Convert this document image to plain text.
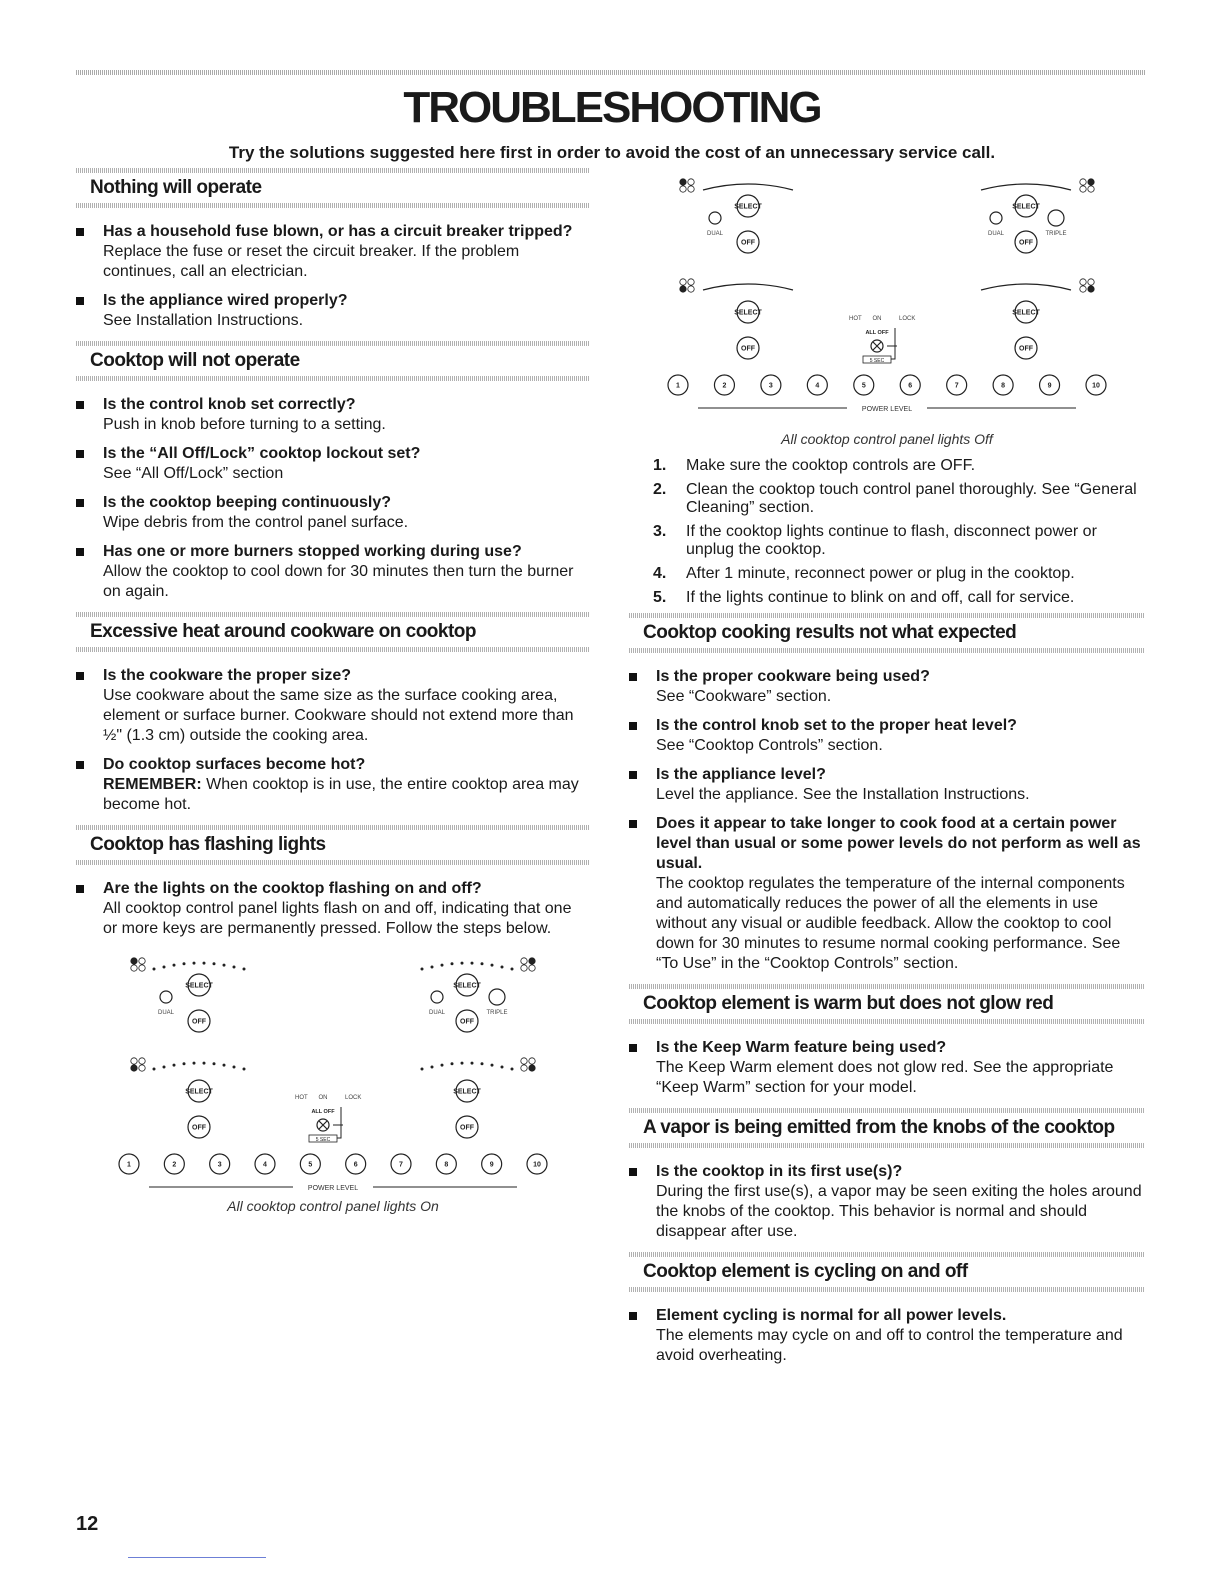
TROUBLESHOOTING
Try the solutions suggested here first in order to avoid the cost of an unnecessary service call.
Nothing will operate
Has a household fuse blown, or has a circuit breaker tripped?
Replace the fuse or reset the circuit breaker. If the problem continues, call an electrician.
Is the appliance wired properly?
See Installation Instructions.
Cooktop will not operate
Is the control knob set correctly?
Push in knob before turning to a setting.
Is the “All Off/Lock” cooktop lockout set?
See “All Off/Lock” section
Is the cooktop beeping continuously?
Wipe debris from the control panel surface.
Has one or more burners stopped working during use?
Allow the cooktop to cool down for 30 minutes then turn the burner on again.
Excessive heat around cookware on cooktop
Is the cookware the proper size?
Use cookware about the same size as the surface cooking area, element or surface burner. Cookware should not extend more than ½" (1.3 cm) outside the cooking area.
Do cooktop surfaces become hot?
REMEMBER: When cooktop is in use, the entire cooktop area may become hot.
Cooktop has flashing lights
Are the lights on the cooktop flashing on and off?
All cooktop control panel lights flash on and off, indicating that one or more keys are permanently pressed. Follow the steps below.
SELECT
DUAL
OFF
SELECT
DUAL	TRIPLE
OFF
SELECT
OFF
SELECT
OFF
HOT ON	LOCK
ALL OFF
5 SEC
1	2	3	4	5	6	7	8	9	10
POWER LEVEL
All cooktop control panel lights On
SELECT
DUAL
OFF
SELECT
DUAL	TRIPLE
OFF
SELECT
OFF
SELECT
OFF
HOT ON	LOCK
ALL OFF
5 SEC
1	2	3	4	5	6	7	8	9	10
POWER LEVEL
All cooktop control panel lights Off
1. Make sure the cooktop controls are OFF.
2. Clean the cooktop touch control panel thoroughly. See “General Cleaning” section.
3. If the cooktop lights continue to flash, disconnect power or unplug the cooktop.
4. After 1 minute, reconnect power or plug in the cooktop.
5. If the lights continue to blink on and off, call for service.
Cooktop cooking results not what expected
Is the proper cookware being used?
See “Cookware” section.
Is the control knob set to the proper heat level?
See “Cooktop Controls” section.
Is the appliance level?
Level the appliance. See the Installation Instructions.
Does it appear to take longer to cook food at a certain power level than usual or some power levels do not perform as well as usual.
The cooktop regulates the temperature of the internal components and automatically reduces the power of all the elements in use without any visual or audible feedback. Allow the cooktop to cool down for 30 minutes to resume normal cooking performance. See “To Use” in the “Cooktop Controls” section.
Cooktop element is warm but does not glow red
Is the Keep Warm feature being used?
The Keep Warm element does not glow red. See the appropriate “Keep Warm” section for your model.
A vapor is being emitted from the knobs of the cooktop
Is the cooktop in its first use(s)?
During the first use(s), a vapor may be seen exiting the holes around the knobs of the cooktop. This behavior is normal and should disappear after use.
Cooktop element is cycling on and off
Element cycling is normal for all power levels.
The elements may cycle on and off to control the temperature and avoid overheating.
12
